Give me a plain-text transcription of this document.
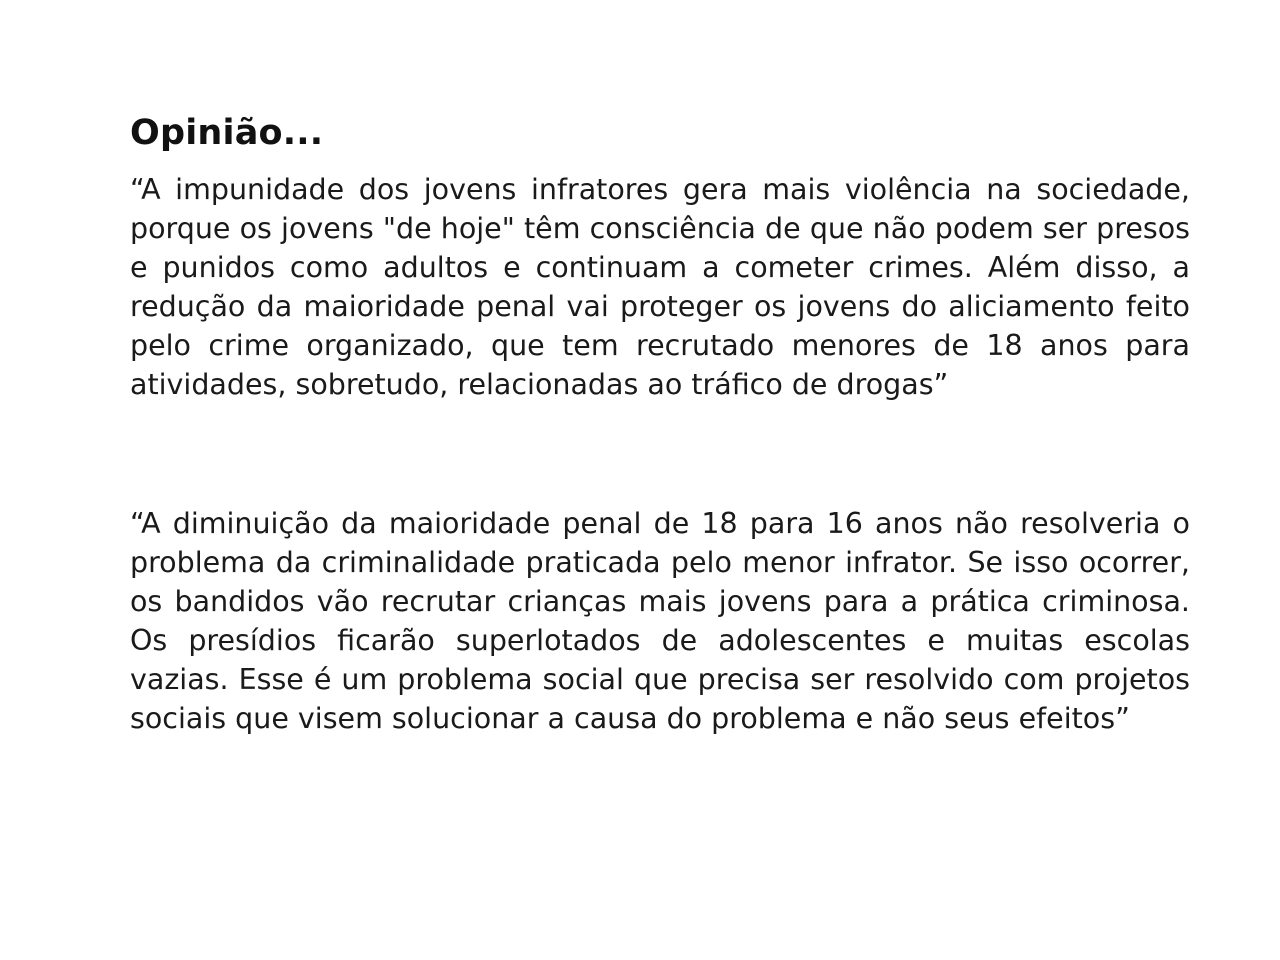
Opinião...

“A impunidade dos jovens infratores gera mais violência na sociedade, porque os jovens "de hoje" têm consciência de que não podem ser presos e punidos como adultos e continuam a cometer crimes. Além disso, a redução da maioridade penal vai proteger os jovens do aliciamento feito pelo crime organizado, que tem recrutado menores de 18 anos para atividades, sobretudo, relacionadas ao tráfico de drogas”

“A diminuição da maioridade penal de 18 para 16 anos não resolveria o problema da criminalidade praticada pelo menor infrator. Se isso ocorrer, os bandidos vão recrutar crianças mais jovens para a prática criminosa. Os presídios ficarão superlotados de adolescentes e muitas escolas vazias. Esse é um problema social que precisa ser resolvido com projetos sociais que visem solucionar a causa do problema e não seus efeitos”
